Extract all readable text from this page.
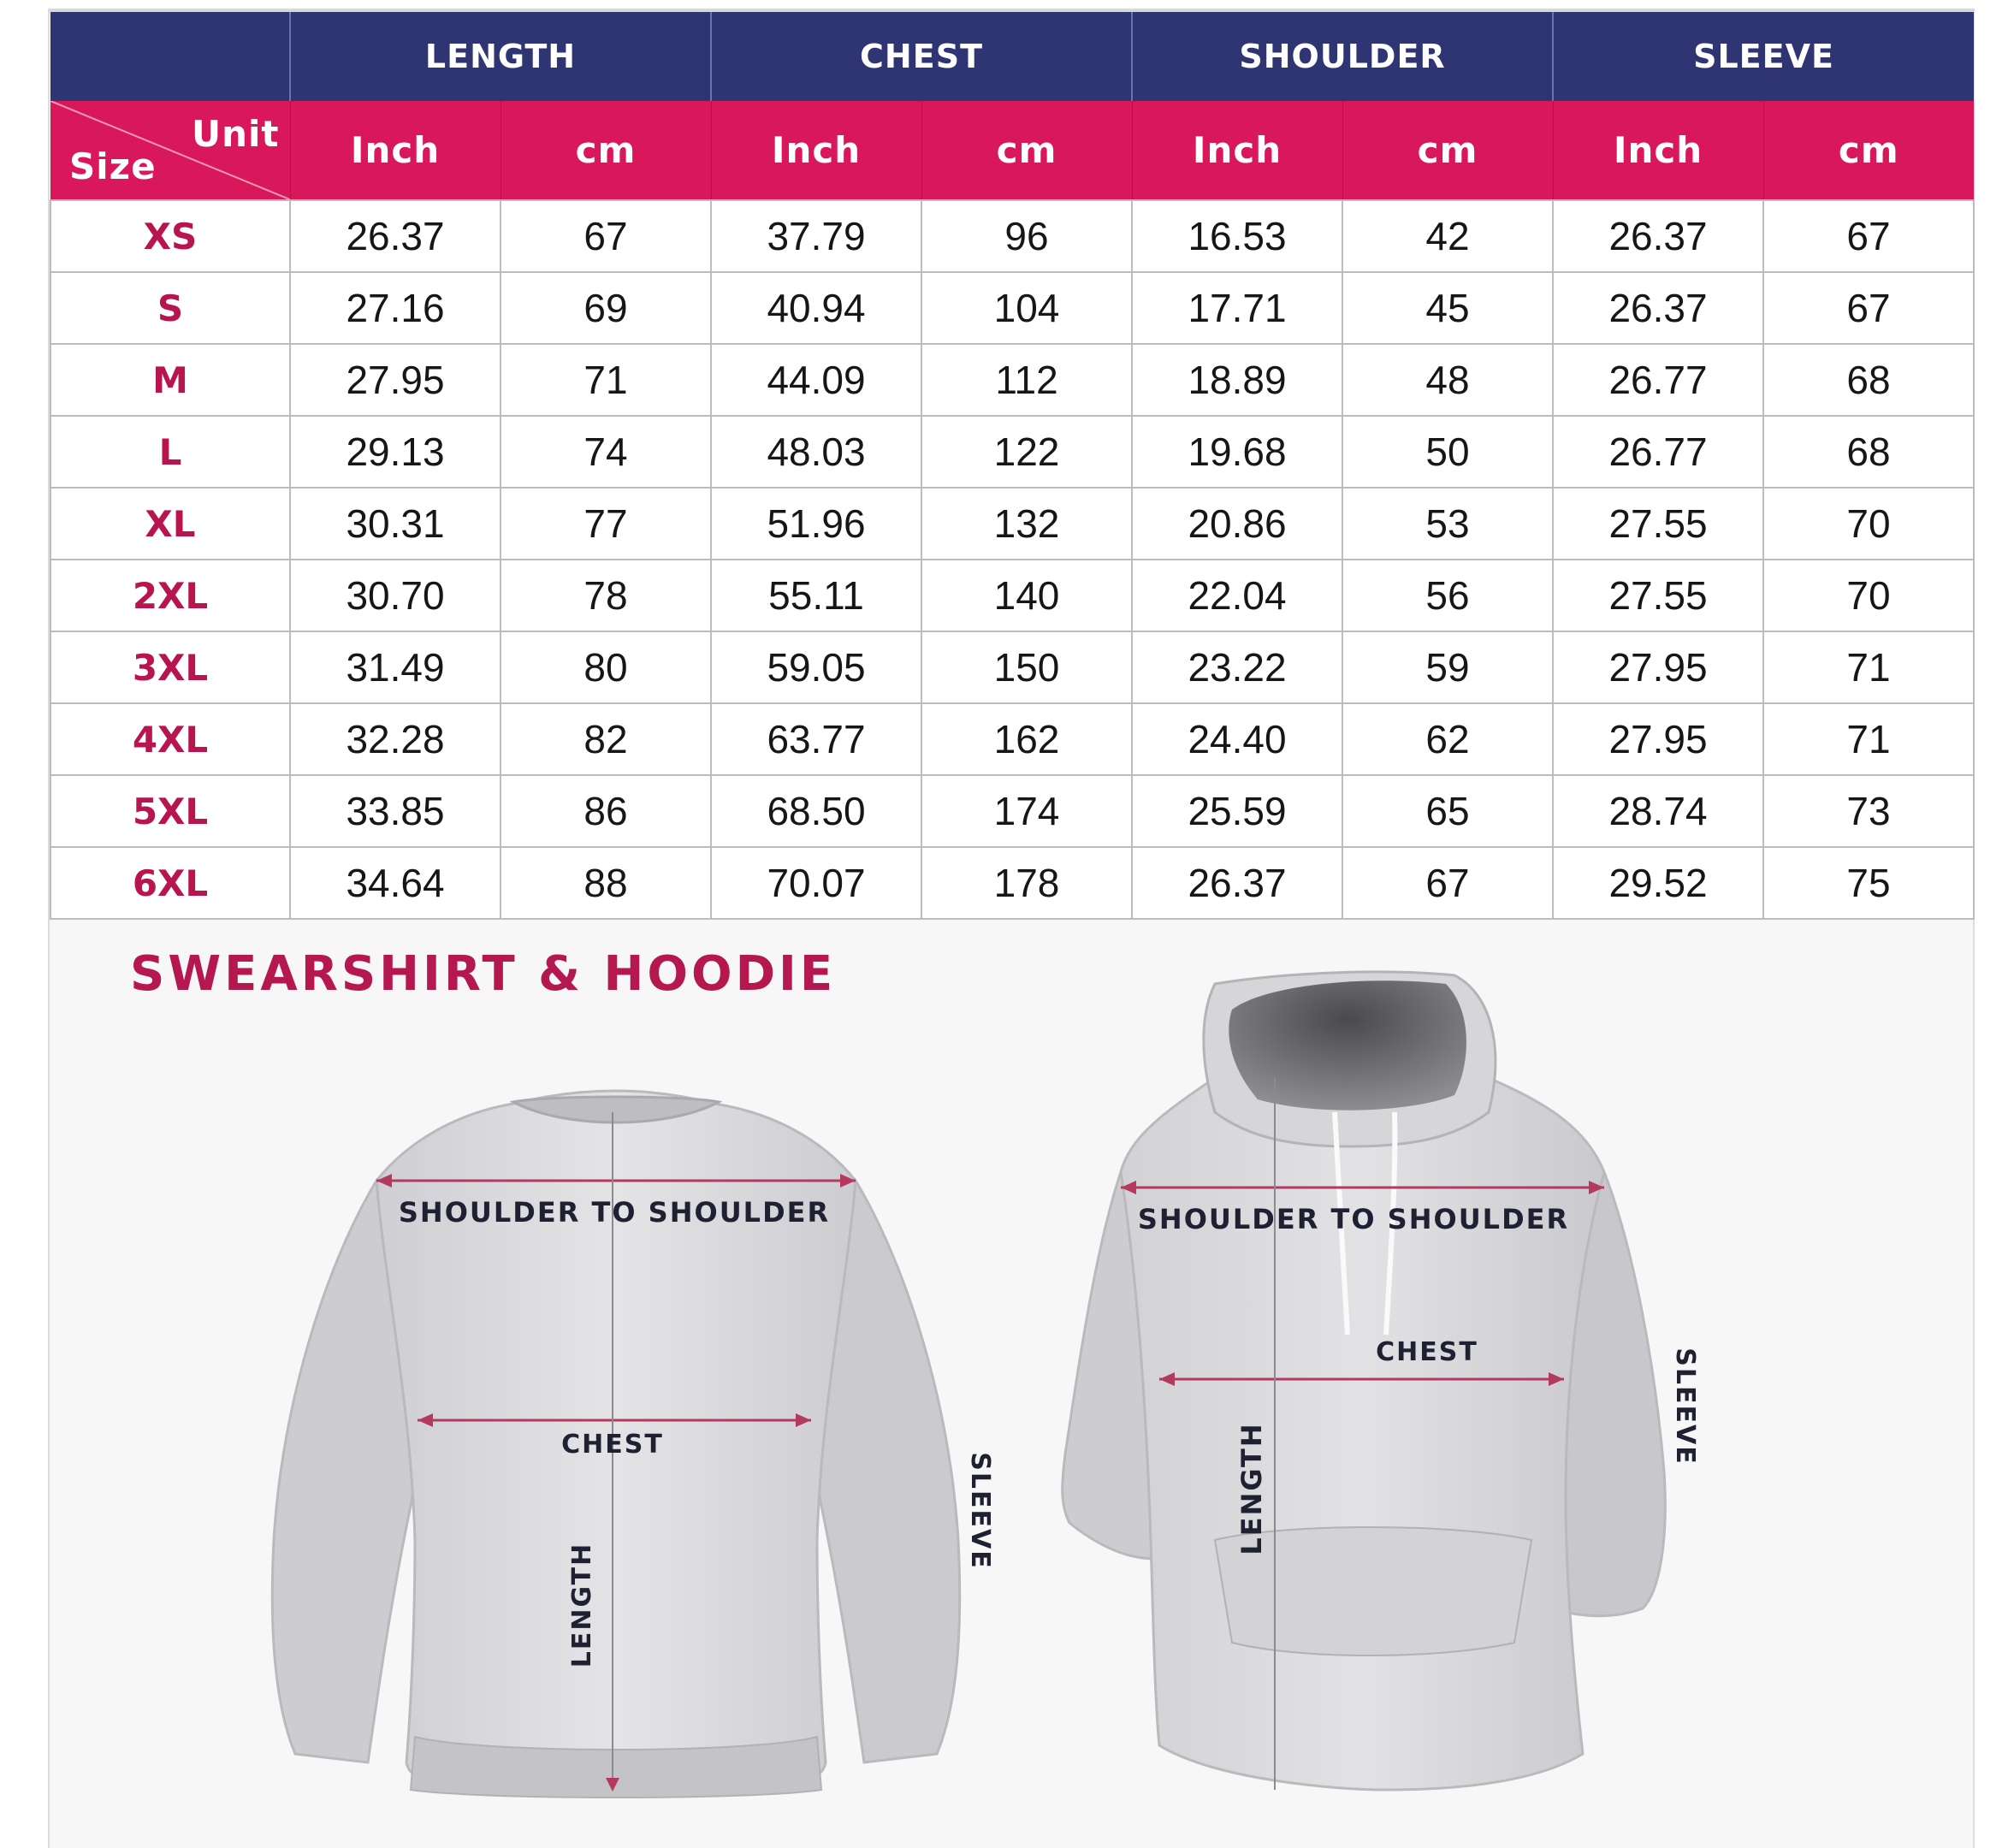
	LENGTH		CHEST		SHOULDER		SLEEVE	

Unit
Size	Inch	cm	Inch	cm	Inch	cm	Inch	cm
XS	26.37	67	37.79	96	16.53	42	26.37	67
S	27.16	69	40.94	104	17.71	45	26.37	67
M	27.95	71	44.09	112	18.89	48	26.77	68
L	29.13	74	48.03	122	19.68	50	26.77	68
XL	30.31	77	51.96	132	20.86	53	27.55	70
2XL	30.70	78	55.11	140	22.04	56	27.55	70
3XL	31.49	80	59.05	150	23.22	59	27.95	71
4XL	32.28	82	63.77	162	24.40	62	27.95	71
5XL	33.85	86	68.50	174	25.59	65	28.74	73
6XL	34.64	88	70.07	178	26.37	67	29.52	75
SWEARSHIRT & HOODIE
SHOULDER TO SHOULDER
CHEST
LENGTH
SLEEVE
SHOULDER TO SHOULDER
CHEST
LENGTH
SLEEVE
